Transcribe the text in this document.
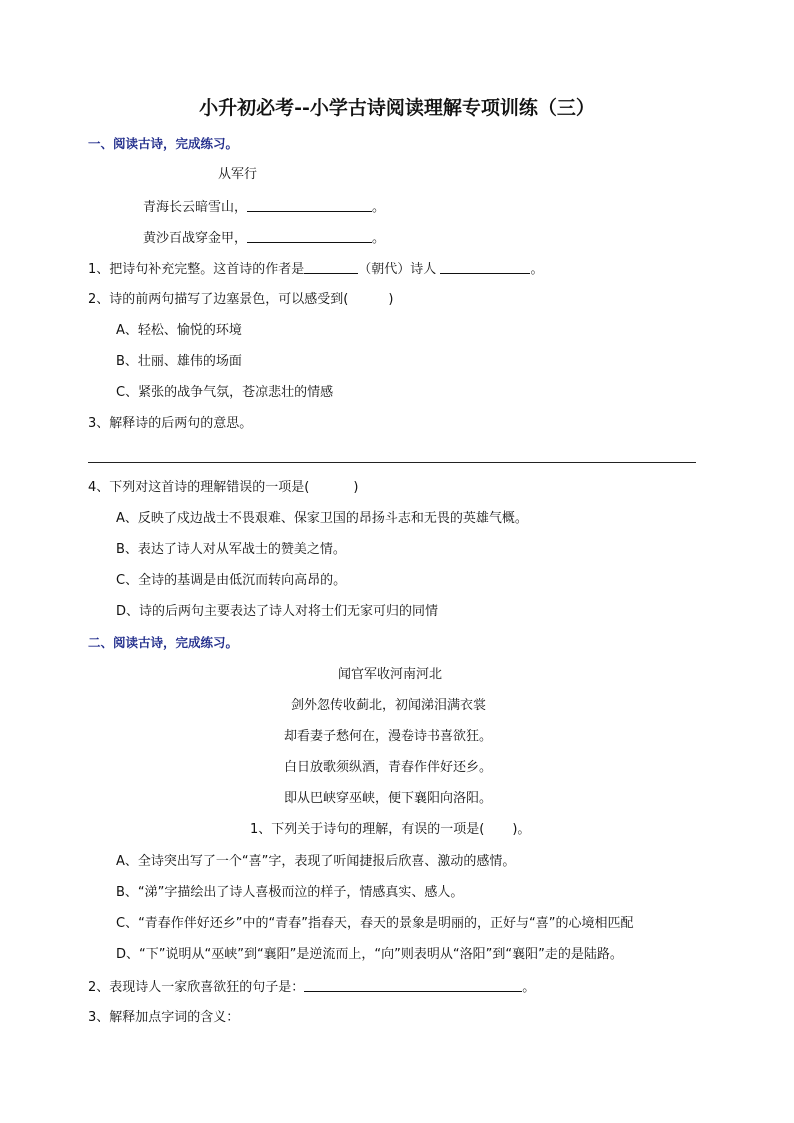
小升初必考--小学古诗阅读理解专项训练（三）
一、阅读古诗，完成练习。
从军行
青海长云暗雪山，	。
黄沙百战穿金甲，	。
1、把诗句补充完整。这首诗的作者是	（朝代）诗人	。
2、诗的前两句描写了边塞景色，可以感受到(	)
A、轻松、愉悦的环境
B、壮丽、雄伟的场面
C、紧张的战争气氛，苍凉悲壮的情感
3、解释诗的后两句的意思。
4、下列对这首诗的理解错误的一项是(	)
A、反映了戍边战士不畏艰难、保家卫国的昂扬斗志和无畏的英雄气概。
B、表达了诗人对从军战士的赞美之情。
C、全诗的基调是由低沉而转向高昂的。
D、诗的后两句主要表达了诗人对将士们无家可归的同情
二、阅读古诗，完成练习。
闻官军收河南河北
剑外忽传收蓟北，初闻涕泪满衣裳
却看妻子愁何在，漫卷诗书喜欲狂。
白日放歌须纵酒，青春作伴好还乡。
即从巴峡穿巫峡，便下襄阳向洛阳。
1、下列关于诗句的理解，有误的一项是( )。
A、全诗突出写了一个“喜”字，表现了听闻捷报后欣喜、激动的感情。
B、“涕”字描绘出了诗人喜极而泣的样子，情感真实、感人。
C、“青春作伴好还乡”中的“青春”指春天，春天的景象是明丽的，正好与“喜”的心境相匹配
D、“下”说明从“巫峡”到“襄阳”是逆流而上，“向”则表明从“洛阳”到“襄阳”走的是陆路。
2、表现诗人一家欣喜欲狂的句子是：	。
3、解释加点字词的含义：
